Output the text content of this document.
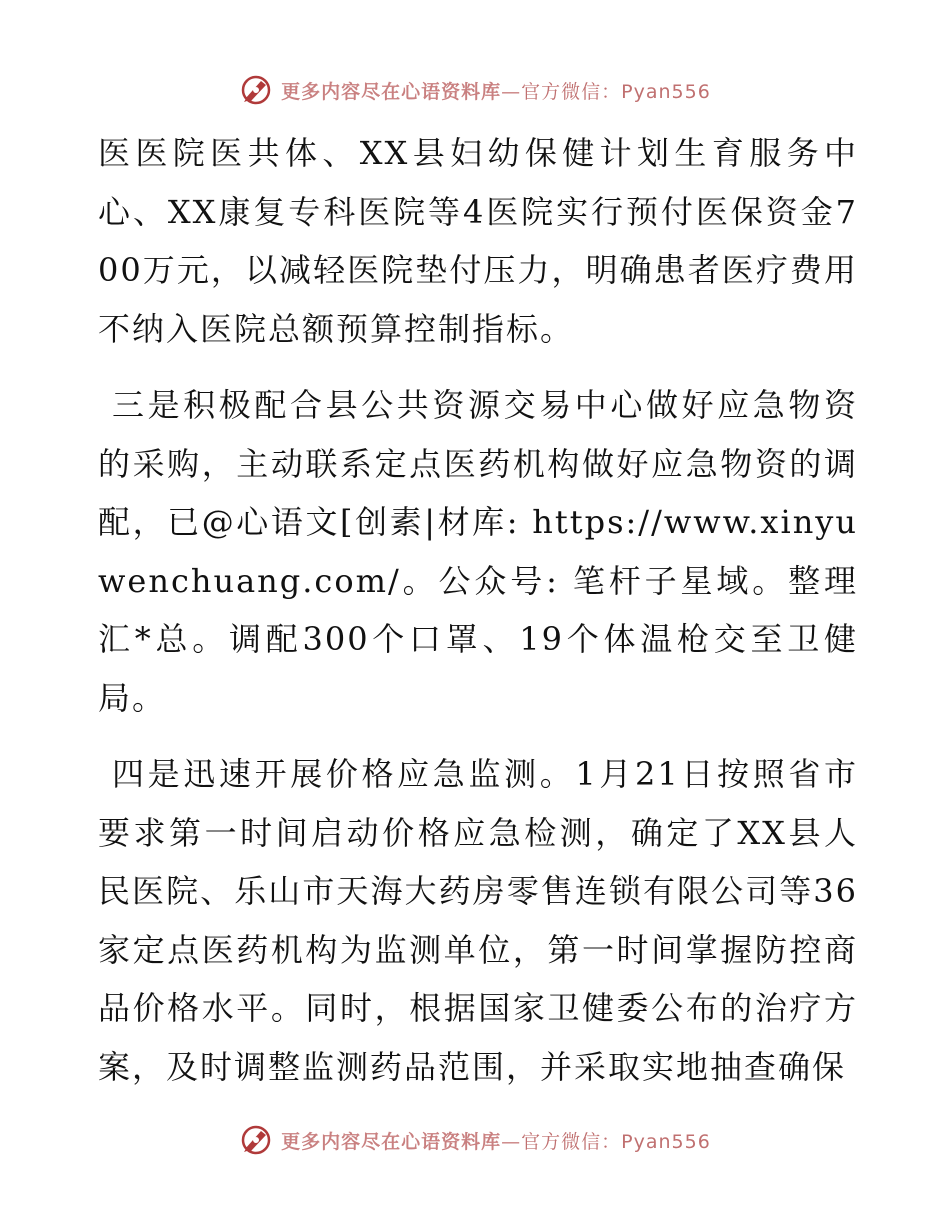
更多内容尽在心语资料库—官方微信：Pyan556

医医院医共体、XX县妇幼保健计划生育服务中心、XX康复专科医院等4医院实行预付医保资金700万元，以减轻医院垫付压力，明确患者医疗费用不纳入医院总额预算控制指标。

三是积极配合县公共资源交易中心做好应急物资的采购，主动联系定点医药机构做好应急物资的调配，已@心语文[创素|材库: https://www.xinyuwenchuang.com/。公众号: 笔杆子星域。整理汇*总。调配300个口罩、19个体温枪交至卫健局。

四是迅速开展价格应急监测。1月21日按照省市要求第一时间启动价格应急检测，确定了XX县人民医院、乐山市天海大药房零售连锁有限公司等36家定点医药机构为监测单位，第一时间掌握防控商品价格水平。同时，根据国家卫健委公布的治疗方案，及时调整监测药品范围，并采取实地抽查确保

更多内容尽在心语资料库—官方微信：Pyan556
